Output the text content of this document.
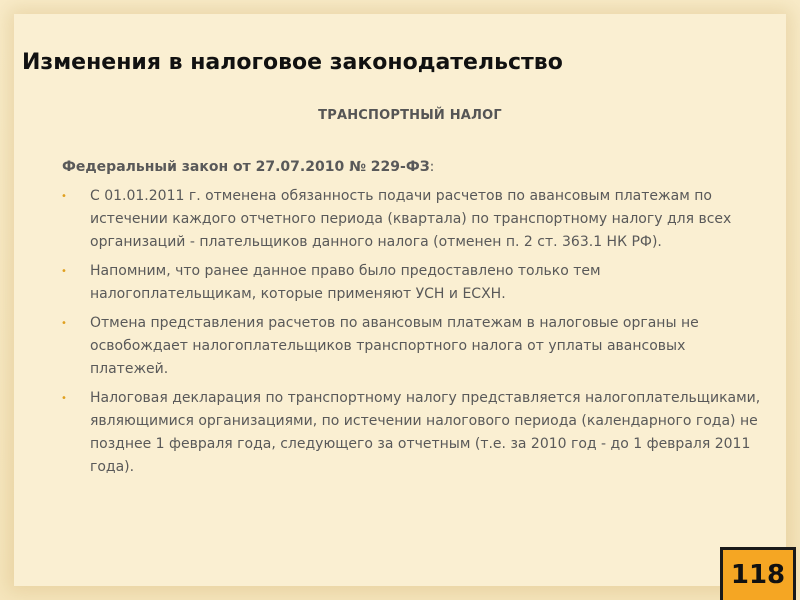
Изменения в налоговое законодательство
ТРАНСПОРТНЫЙ НАЛОГ
Федеральный закон от 27.07.2010 № 229-ФЗ:
• С 01.01.2011 г. отменена обязанность подачи расчетов по авансовым платежам по истечении каждого отчетного периода (квартала) по транспортному налогу для всех организаций - плательщиков данного налога (отменен п. 2 ст. 363.1 НК РФ).
• Напомним, что ранее данное право было предоставлено только тем налогоплательщикам, которые применяют УСН и ЕСХН.
• Отмена представления расчетов по авансовым платежам в налоговые органы не освобождает налогоплательщиков транспортного налога от уплаты авансовых платежей.
• Налоговая декларация по транспортному налогу представляется налогоплательщиками, являющимися организациями, по истечении налогового периода (календарного года) не позднее 1 февраля года, следующего за отчетным (т.е. за 2010 год - до 1 февраля 2011 года).
118
